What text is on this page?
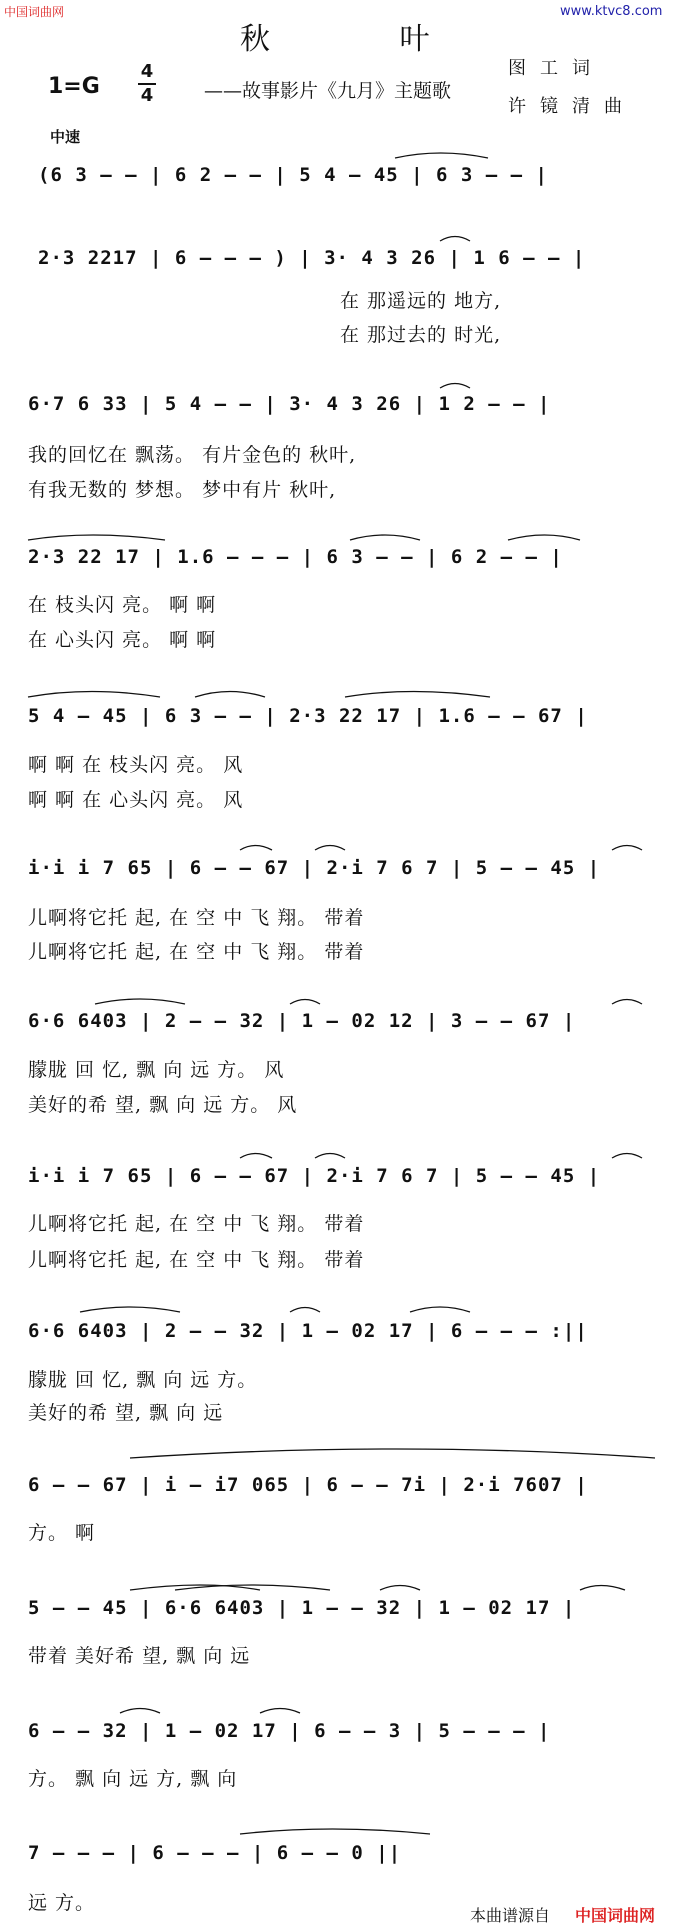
中国词曲网	www.ktvc8.com
秋 叶
1=G
4
4	——故事影片《九月》主题歌
图工词
许镜清曲
中速
(6 3 — — | 6 2 — — | 5 4 — 45 | 6 3 — — |
2·3 2217 | 6 — — — ) | 3· 4 3 26 | 1 6 — — |
在 那遥远的 地方,
在 那过去的 时光,
6·7 6 33 | 5 4 — — | 3· 4 3 26 | 1 2 — — |
我的回忆在 飘荡。 有片金色的 秋叶,
有我无数的 梦想。 梦中有片 秋叶,
2·3 22 17 | 1.6 — — — | 6 3 — — | 6 2 — — |
在 枝头闪 亮。 啊 啊
在 心头闪 亮。 啊 啊
5 4 — 45 | 6 3 — — | 2·3 22 17 | 1.6 — — 67 |
啊 啊 在 枝头闪 亮。 风
啊 啊 在 心头闪 亮。 风
i·i i 7 65 | 6 — — 67 | 2·i 7 6 7 | 5 — — 45 |
儿啊将它托 起, 在 空 中 飞 翔。 带着
儿啊将它托 起, 在 空 中 飞 翔。 带着
6·6 6403 | 2 — — 32 | 1 — 02 12 | 3 — — 67 |
朦胧 回 忆, 飘 向 远 方。 风
美好的希 望, 飘 向 远 方。 风
i·i i 7 65 | 6 — — 67 | 2·i 7 6 7 | 5 — — 45 |
儿啊将它托 起, 在 空 中 飞 翔。 带着
儿啊将它托 起, 在 空 中 飞 翔。 带着
6·6 6403 | 2 — — 32 | 1 — 02 17 | 6 — — — :||
朦胧 回 忆, 飘 向 远 方。
美好的希 望, 飘 向 远
6 — — 67 | i — i7 065 | 6 — — 7i | 2·i 7607 |
方。 啊
5 — — 45 | 6·6 6403 | 1 — — 32 | 1 — 02 17 |
带着 美好希 望, 飘 向 远
6 — — 32 | 1 — 02 17 | 6 — — 3 | 5 — — — |
方。 飘 向 远 方, 飘 向
7 — — — | 6 — — — | 6 — — 0 ||
远 方。
本曲谱源自 中国词曲网
